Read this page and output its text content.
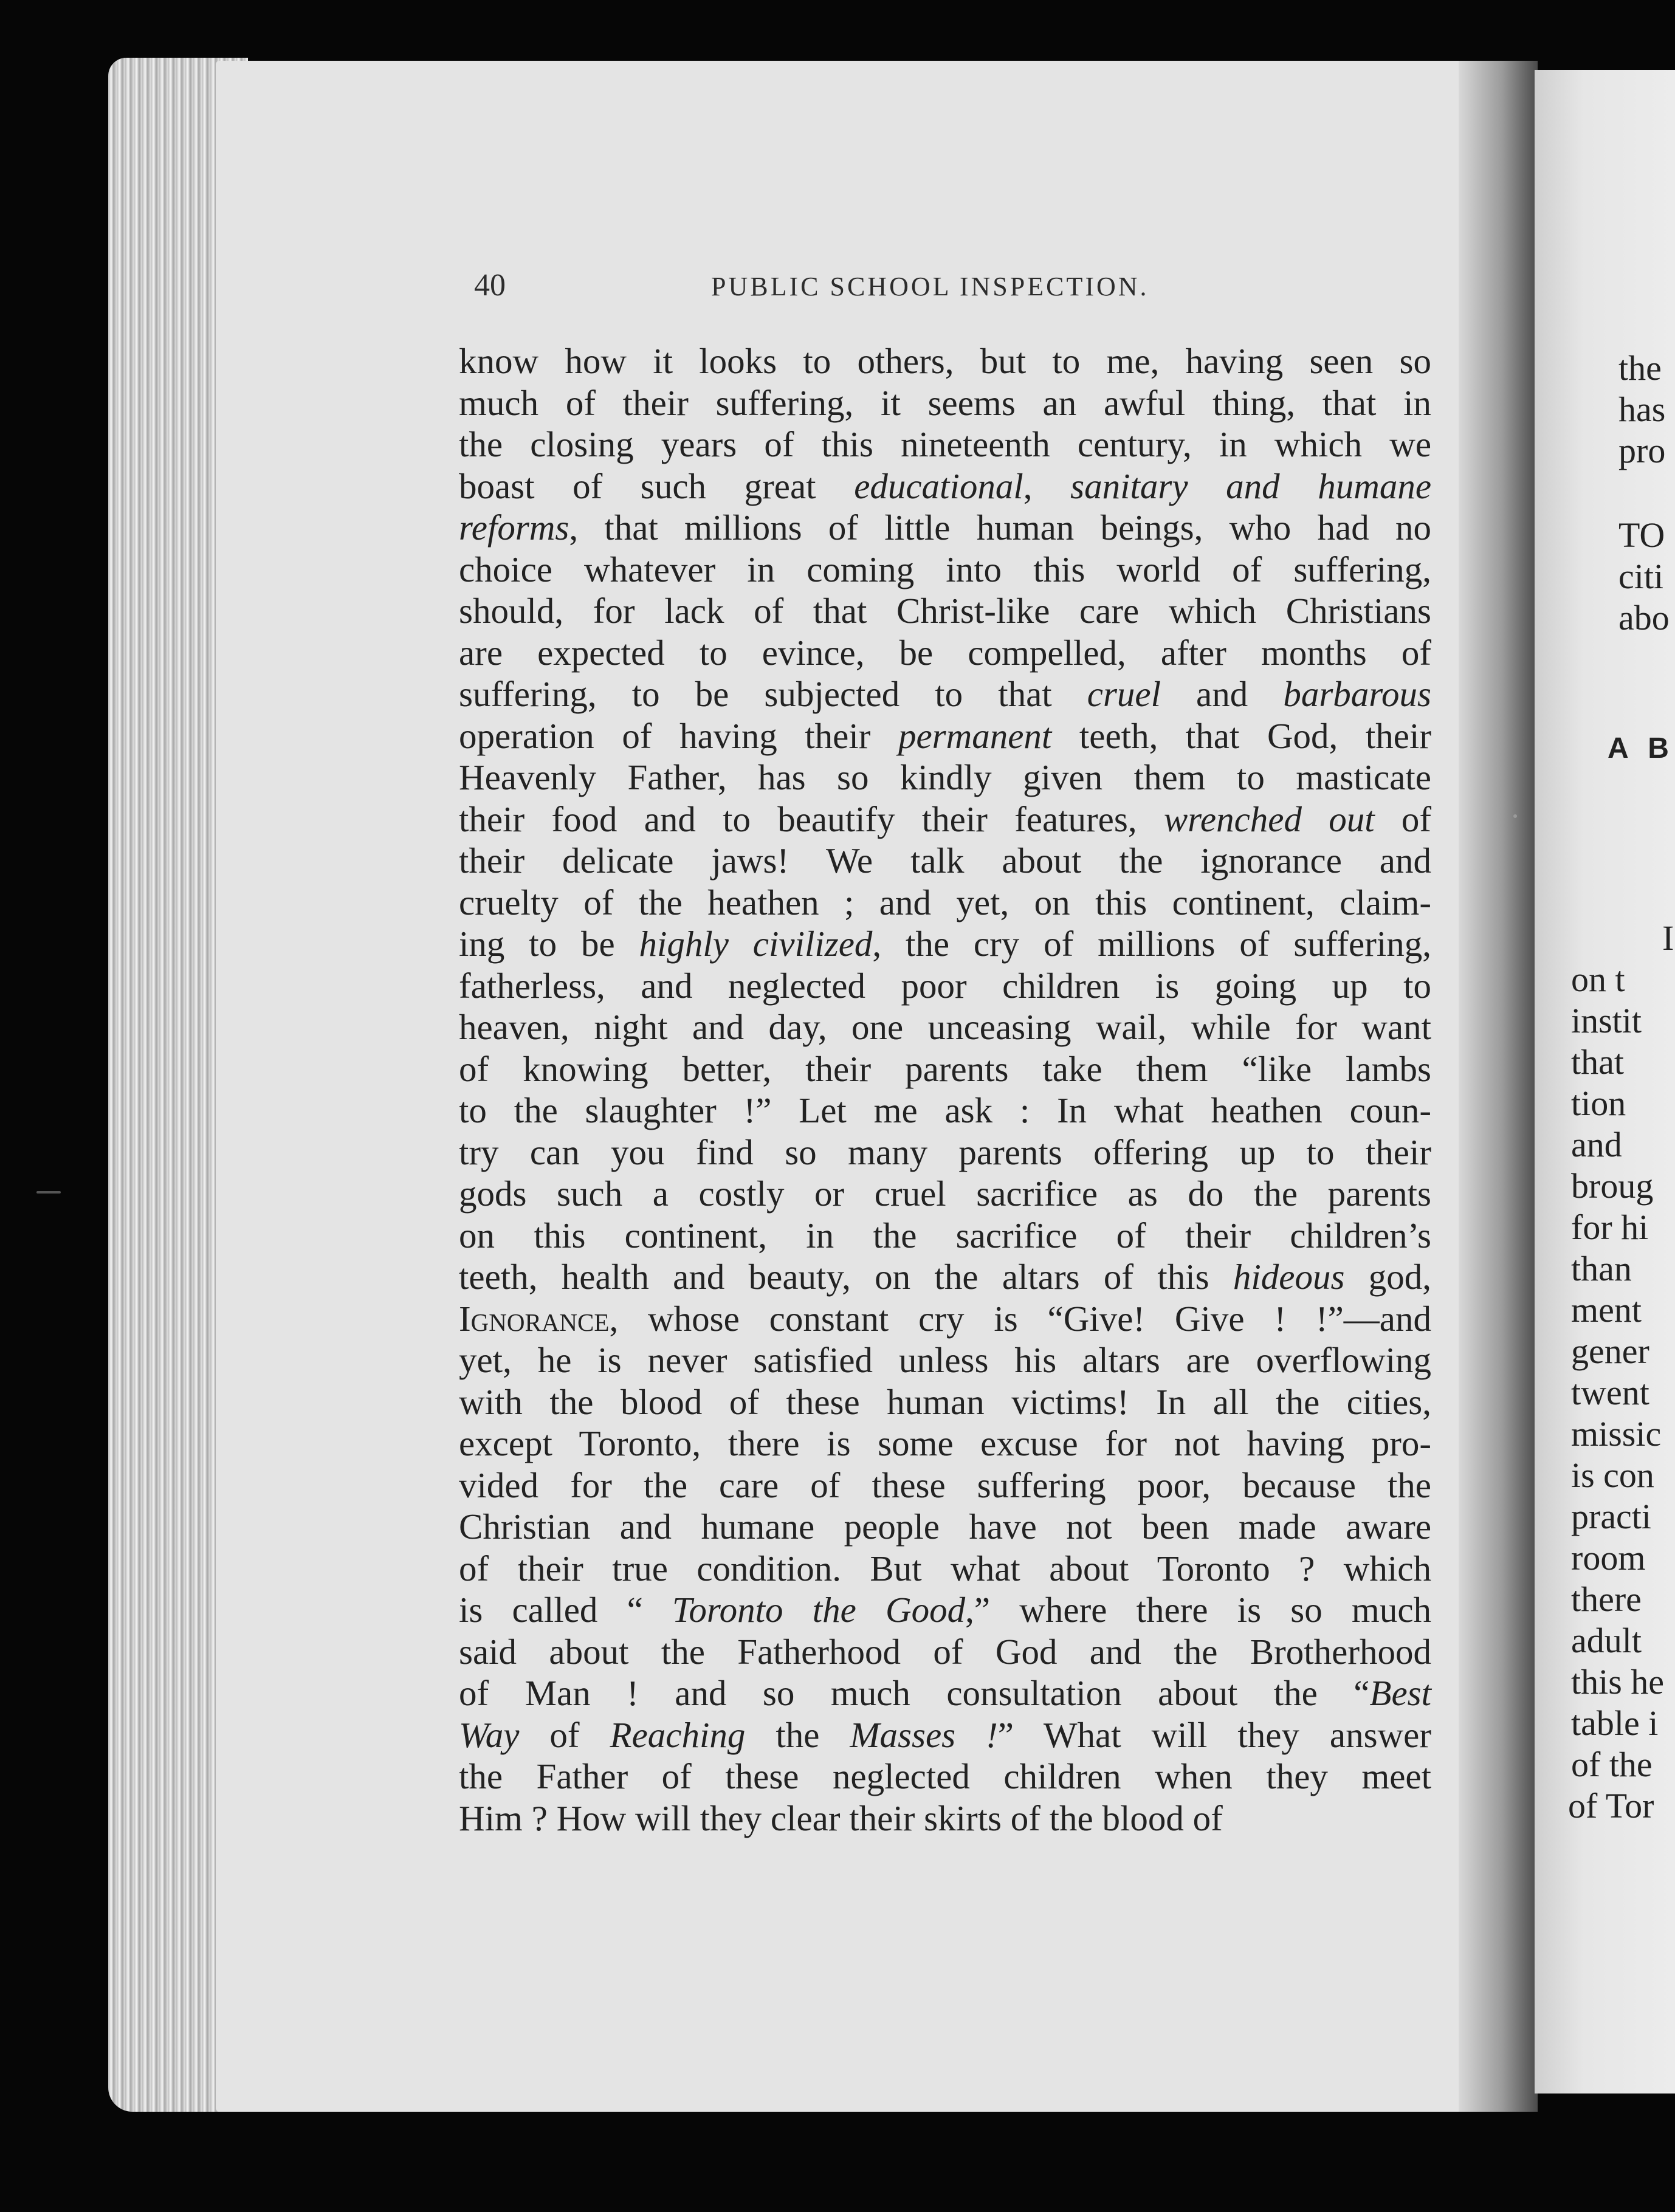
40	PUBLIC SCHOOL INSPECTION.
know how it looks to others, but to me, having seen so
much of their suffering, it seems an awful thing, that in
the closing years of this nineteenth century, in which we
boast of such great educational, sanitary and humane
reforms, that millions of little human beings, who had no
choice whatever in coming into this world of suffering,
should, for lack of that Christ-like care which Christians
are expected to evince, be compelled, after months of
suffering, to be subjected to that cruel and barbarous
operation of having their permanent teeth, that God, their
Heavenly Father, has so kindly given them to masticate
their food and to beautify their features, wrenched out of
their delicate jaws! We talk about the ignorance and
cruelty of the heathen ; and yet, on this continent, claim-
ing to be highly civilized, the cry of millions of suffering,
fatherless, and neglected poor children is going up to
heaven, night and day, one unceasing wail, while for want
of knowing better, their parents take them “like lambs
to the slaughter !” Let me ask : In what heathen coun-
try can you find so many parents offering up to their
gods such a costly or cruel sacrifice as do the parents
on this continent, in the sacrifice of their children’s
teeth, health and beauty, on the altars of this hideous god,
Ignorance, whose constant cry is “Give! Give ! !”—and
yet, he is never satisfied unless his altars are overflowing
with the blood of these human victims! In all the cities,
except Toronto, there is some excuse for not having pro-
vided for the care of these suffering poor, because the
Christian and humane people have not been made aware
of their true condition. But what about Toronto ? which
is called “ Toronto the Good,” where there is so much
said about the Fatherhood of God and the Brotherhood
of Man ! and so much consultation about the “Best
Way of Reaching the Masses !” What will they answer
the Father of these neglected children when they meet
Him ? How will they clear their skirts of the blood of
the
has
pro
TO
citi
abo
A B
I
on t
instit
that
tion
and
broug
for hi
than
ment
gener
twent
missic
is con
practi
room
there
adult
this he
table i
of the
of Tor
